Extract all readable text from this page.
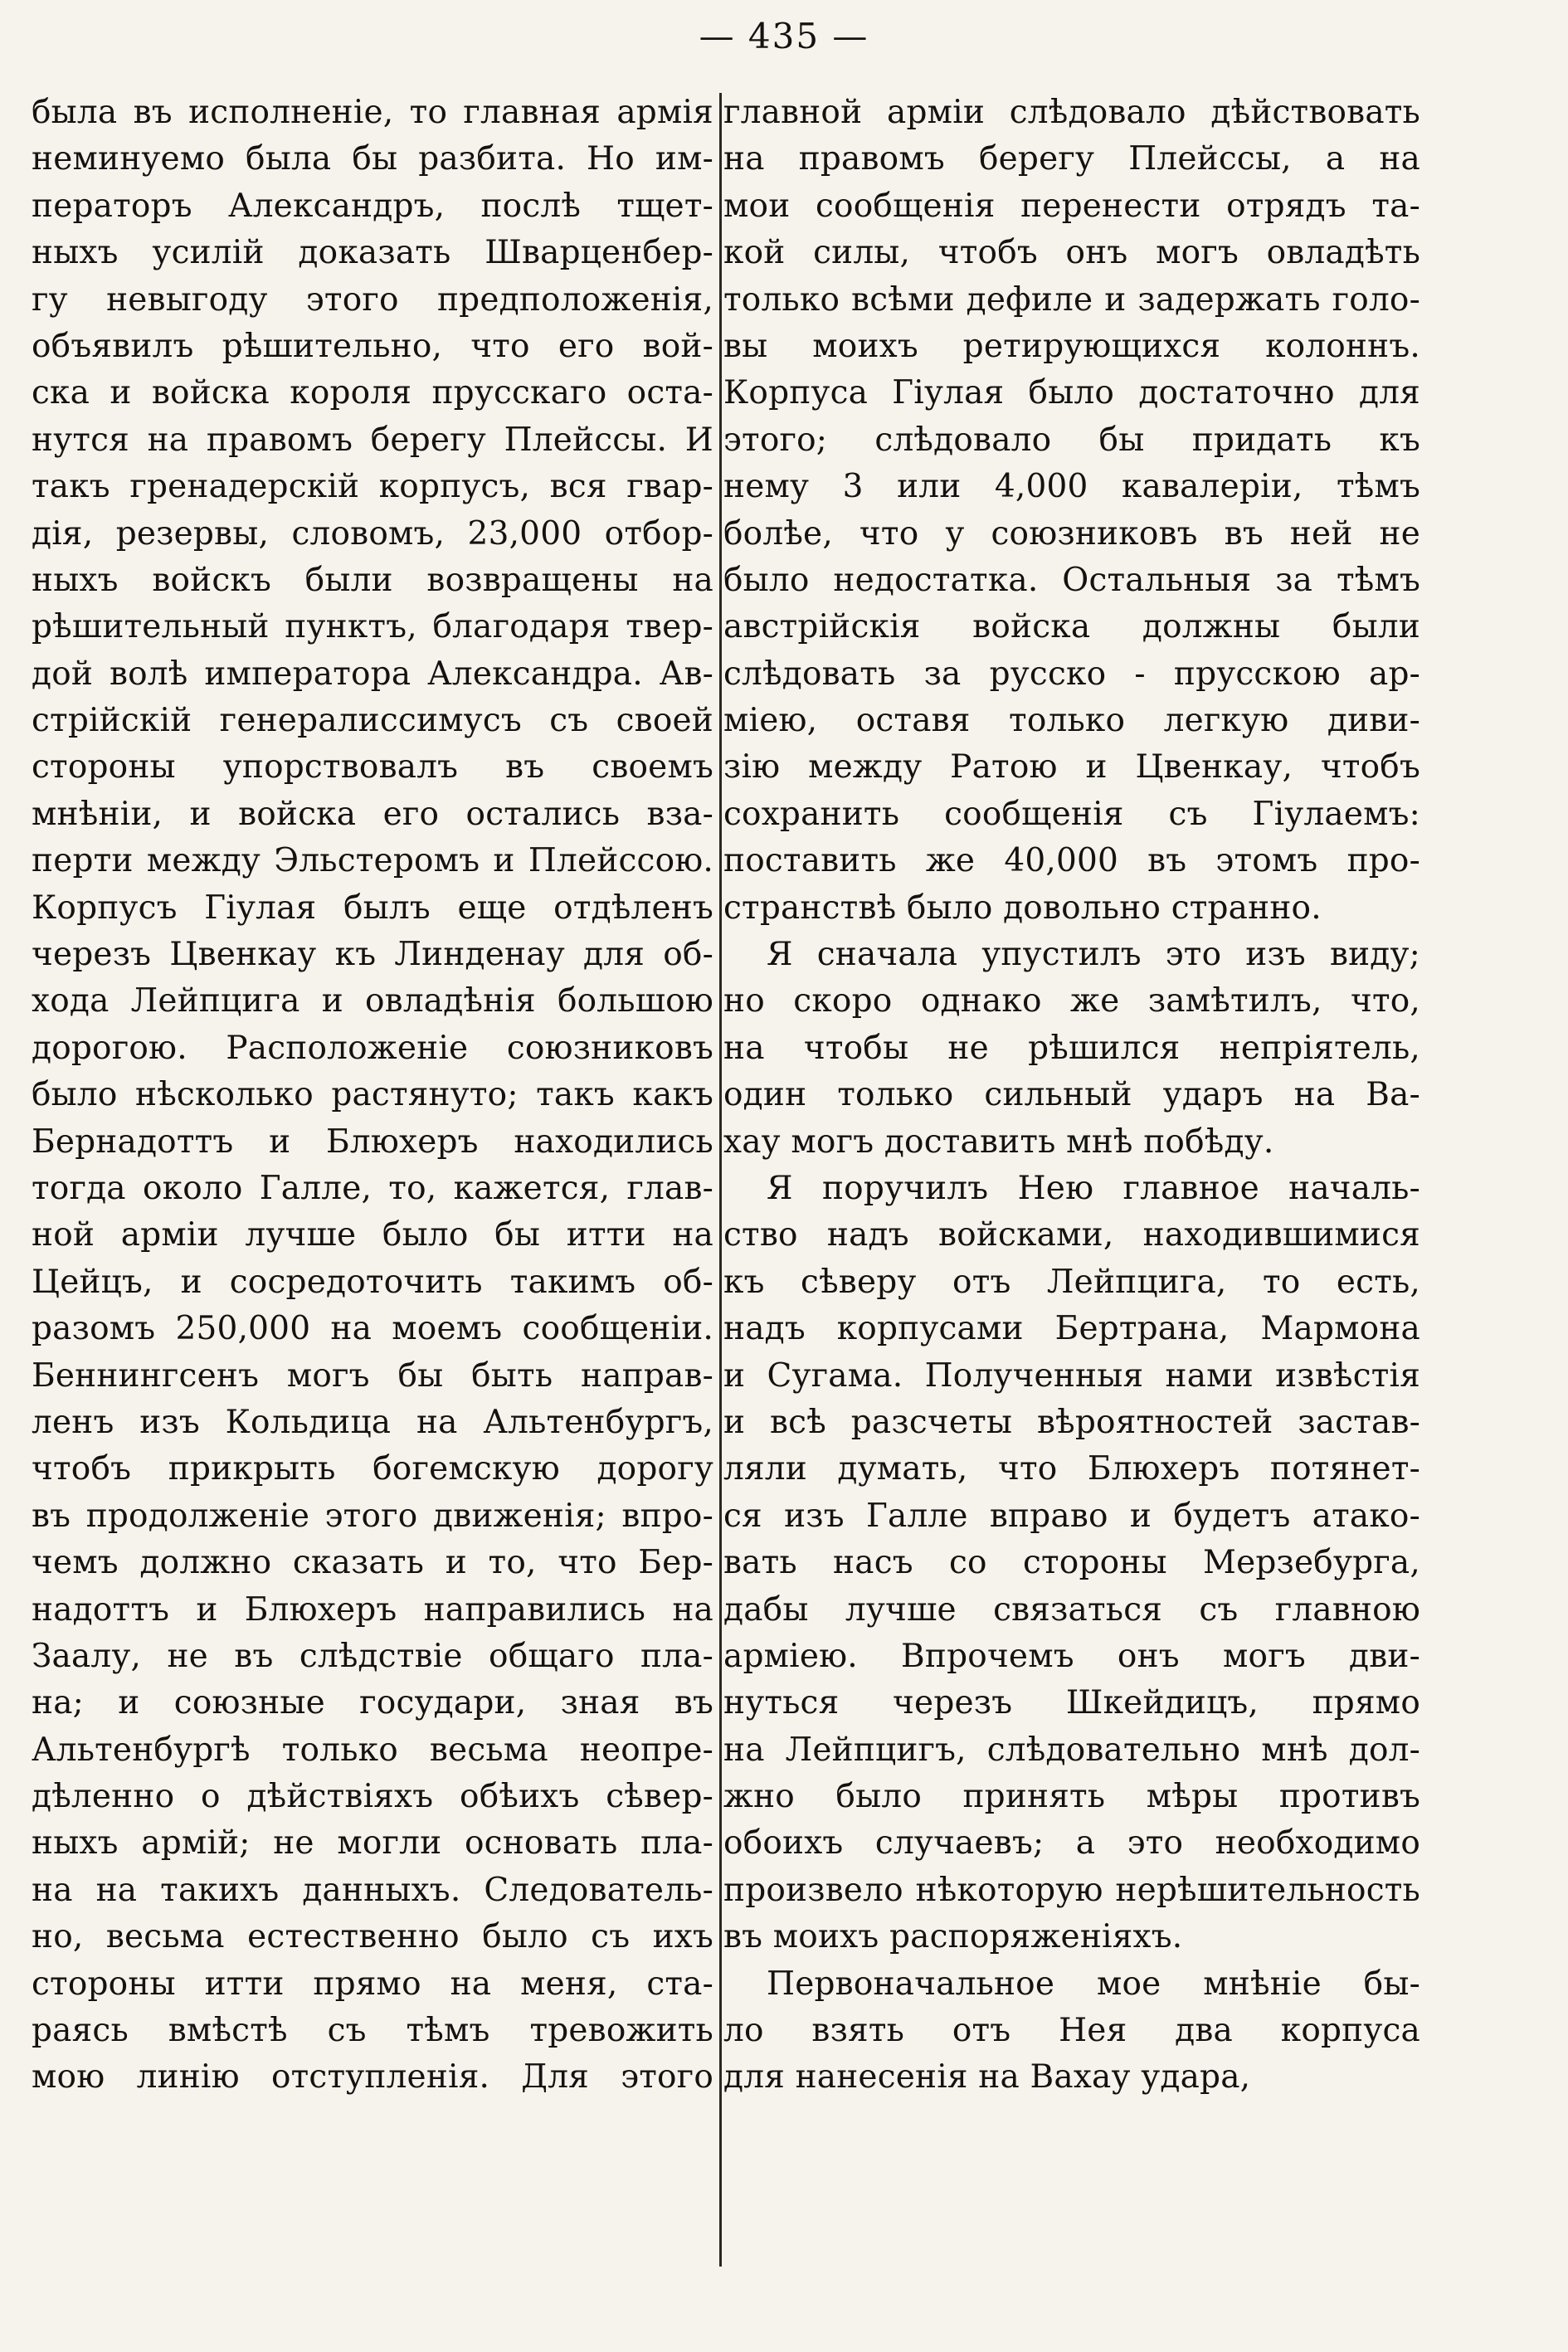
— 435 —
была въ исполненіе, то главная армія
неминуемо была бы разбита. Но им-
ператоръ Александръ, послѣ тщет-
ныхъ усилій доказать Шварценбер-
гу невыгоду этого предположенія,
объявилъ рѣшительно, что его вой-
ска и войска короля прусскаго оста-
нутся на правомъ берегу Плейссы. И
такъ гренадерскій корпусъ, вся гвар-
дія, резервы, словомъ, 23,000 отбор-
ныхъ войскъ были возвращены на
рѣшительный пунктъ, благодаря твер-
дой волѣ императора Александра. Ав-
стрійскій генералиссимусъ съ своей
стороны упорствовалъ въ своемъ
мнѣніи, и войска его остались вза-
перти между Эльстеромъ и Плейссою.
Корпусъ Гіулая былъ еще отдѣленъ
черезъ Цвенкау къ Линденау для об-
хода Лейпцига и овладѣнія большою
дорогою. Расположеніе союзниковъ
было нѣсколько растянуто; такъ какъ
Бернадоттъ и Блюхеръ находились
тогда около Галле, то, кажется, глав-
ной арміи лучше было бы итти на
Цейцъ, и сосредоточить такимъ об-
разомъ 250,000 на моемъ сообщеніи.
Беннингсенъ могъ бы быть направ-
ленъ изъ Кольдица на Альтенбургъ,
чтобъ прикрыть богемскую дорогу
въ продолженіе этого движенія; впро-
чемъ должно сказать и то, что Бер-
надоттъ и Блюхеръ направились на
Заалу, не въ слѣдствіе общаго пла-
на; и союзные государи, зная въ
Альтенбургѣ только весьма неопре-
дѣленно о дѣйствіяхъ обѣихъ сѣвер-
ныхъ армій; не могли основать пла-
на на такихъ данныхъ. Следователь-
но, весьма естественно было съ ихъ
стороны итти прямо на меня, ста-
раясь вмѣстѣ съ тѣмъ тревожить
мою линію отступленія. Для этого
главной арміи слѣдовало дѣйствовать
на правомъ берегу Плейссы, а на
мои сообщенія перенести отрядъ та-
кой силы, чтобъ онъ могъ овладѣть
только всѣми дефиле и задержать голо-
вы моихъ ретирующихся колоннъ.
Корпуса Гіулая было достаточно для
этого; слѣдовало бы придать къ
нему 3 или 4,000 кавалеріи, тѣмъ
болѣе, что у союзниковъ въ ней не
было недостатка. Остальныя за тѣмъ
австрійскія войска должны были
слѣдовать за русско - прусскою ар-
міею, оставя только легкую диви-
зію между Ратою и Цвенкау, чтобъ
сохранить сообщенія съ Гіулаемъ:
поставить же 40,000 въ этомъ про-
странствѣ было довольно странно.
Я сначала упустилъ это изъ виду;
но скоро однако же замѣтилъ, что,
на чтобы не рѣшился непріятель,
один только сильный ударъ на Ва-
хау могъ доставить мнѣ побѣду.
Я поручилъ Нею главное началь-
ство надъ войсками, находившимися
къ сѣверу отъ Лейпцига, то есть,
надъ корпусами Бертрана, Мармона
и Сугама. Полученныя нами извѣстія
и всѣ разсчеты вѣроятностей застав-
ляли думать, что Блюхеръ потянет-
ся изъ Галле вправо и будетъ атако-
вать насъ со стороны Мерзебурга,
дабы лучше связаться съ главною
арміею. Впрочемъ онъ могъ дви-
нуться черезъ Шкейдицъ, прямо
на Лейпцигъ, слѣдовательно мнѣ дол-
жно было принять мѣры противъ
обоихъ случаевъ; а это необходимо
произвело нѣкоторую нерѣшительность
въ моихъ распоряженіяхъ.
Первоначальное мое мнѣніе бы-
ло взять отъ Нея два корпуса
для нанесенія на Вахау удара,
